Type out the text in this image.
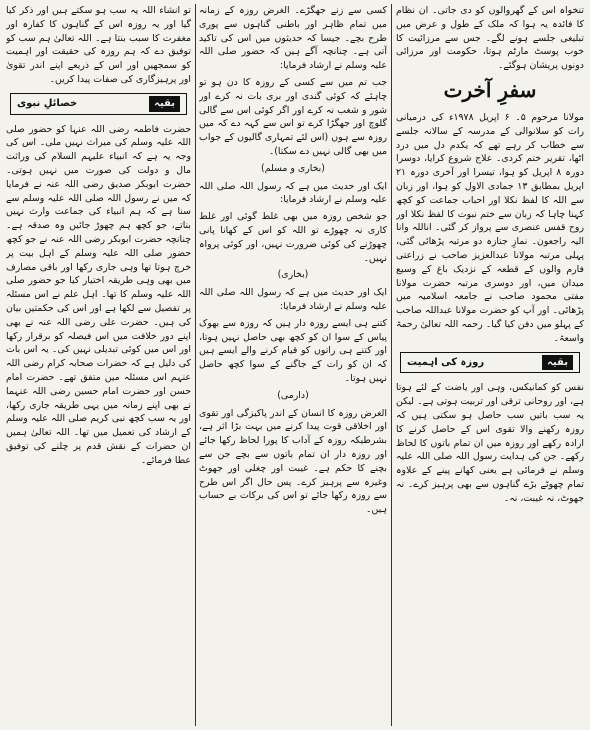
تنخواہ اس کے گھروالوں کو دی جاتی۔ ان نظام کا فائدہ یہ ہوا کہ ملک کے طول و عرض میں تبلیغی جلسے ہونے لگے۔ جس سے مرزائیت کا خوب پوسٹ مارٹم ہوتا، حکومت اور مرزائی دونوں پریشان ہوگئے۔

سفرِ آخرت

مولانا مرحوم ۵۔ ۶ اپریل ۱۹۷۸ء کی درمیانی رات کو سلانوالی کے مدرسہ کے سالانہ جلسے سے خطاب کر رہے تھے کہ یکدم دل میں درد اٹھا، تقریر ختم کردی۔ علاج شروع کرایا، دوسرا دورہ ۸ اپریل کو ہوا، تیسرا اور آخری دورہ ۲۱ اپریل بمطابق ۱۳ جمادی الاول کو ہوا، اور زبان سے اللہ کا لفظ نکلا اور احباب جماعت کو کچھ کہنا چاہا کہ زبان سے ختم نبوت کا لفظ نکلا اور روح قفس عنصری سے پرواز کر گئی۔ اناللہ وانا الیہ راجعون۔ نمازِ جنازہ دو مرتبہ پڑھائی گئی، پہلی مرتبہ مولانا عبدالعزیز صاحب نے زراعتی فارم والوں کے قطعہ کے نزدیک باغ کے وسیع میدان میں، اور دوسری مرتبہ حضرت مولانا مفتی محمود صاحب نے جامعہ اسلامیہ میں پڑھائی۔ اور آپ کو حضرت مولانا عبداللہ صاحب کے پہلو میں دفن کیا گیا۔ رحمہ اللہ تعالیٰ رحمۃ واسعۃ۔

بقیہ
روزہ کی اہمیت

نفس کو کمانیکس، وہی اور یاضت کے لئے ہوتا ہے، اور روحانی ترقی اور تربیت ہوتی ہے۔ لیکن یہ سب باتیں سب حاصل ہو سکتی ہیں کہ روزہ رکھنے والا تقوی اس کے حاصل کرنے کا ارادہ رکھے اور روزہ میں ان تمام باتوں کا لحاظ رکھے۔ جن کی ہدایت رسول اللہ صلی اللہ علیہ وسلم نے فرمائی ہے یعنی کھانے پینے کے علاوہ تمام چھوٹے بڑے گناہوں سے بھی پرہیز کرے۔ نہ جھوٹ، نہ غیبت، نہ۔

کسی سے زنے جھگڑے۔ الغرض روزہ کے زمانہ میں تمام ظاہر اور باطنی گناہوں سے پوری طرح بچے۔ جیسا کہ حدیثوں میں اس کی تاکید آتی ہے۔ چنانچہ آگے ہیں کہ حضور صلی اللہ علیہ وسلم نے ارشاد فرمایا:

جب تم میں سے کسی کے روزہ کا دن ہو تو چاہئے کہ کوئی گندی اور بری بات نہ کرے اور شور و شغب نہ کرے اور اگر کوئی اس سے گالی گلوچ اور جھگڑا کرے تو اس سے کہہ دے کہ میں روزہ سے ہوں (اس لئے تمہاری گالیوں کے جواب میں بھی گالی نہیں دے سکتا)۔

(بخاری و مسلم)

ایک اور حدیث میں ہے کہ رسول اللہ صلی اللہ علیہ وسلم نے ارشاد فرمایا:

جو شخص روزہ میں بھی غلط گوئی اور غلط کاری نہ چھوڑے تو اللہ کو اس کے کھانا پانی چھوڑنے کی کوئی ضرورت نہیں، اور کوئی پرواہ نہیں۔

(بخاری)

ایک اور حدیث میں ہے کہ رسول اللہ صلی اللہ علیہ وسلم نے ارشاد فرمایا:

کتنے ہی ایسے روزہ دار ہیں کہ روزہ سے بھوک پیاس کے سوا ان کو کچھ بھی حاصل نہیں ہوتا، اور کتنے ہی راتوں کو قیام کرنے والے ایسے ہیں کہ ان کو رات کے جاگنے کے سوا کچھ حاصل نہیں ہوتا۔

(دارمی)

الغرض روزہ کا انسان کے اندر پاکیزگی اور تقوی اور اخلاقی قوت پیدا کرنے میں بہت بڑا اثر ہے، بشرطیکہ روزہ کے آداب کا پورا لحاظ رکھا جائے اور روزہ دار ان تمام باتوں سے بچے جن سے بچنے کا حکم ہے۔ غیبت اور چغلی اور جھوٹ وغیرہ سے پرہیز کرے۔ پس حال اگر اس طرح سے روزہ رکھا جائے تو اس کی برکات بے حساب ہیں۔

تو انشاء اللہ یہ سب ہو سکتے ہیں اور ذکر کیا گیا اور یہ روزہ اس کے گناہوں کا کفارہ اور مغفرت کا سبب بنتا ہے۔ اللہ تعالیٰ ہم سب کو توفیق دے کہ ہم روزہ کی حقیقت اور اہمیت کو سمجھیں اور اس کے ذریعے اپنے اندر تقویٰ اور پرہیزگاری کی صفات پیدا کریں۔

بقیہ
خصائلِ نبوی

حضرت فاطمہ رضی اللہ عنہا کو حضور صلی اللہ علیہ وسلم کی میراث نہیں ملی۔ اس کی وجہ یہ ہے کہ انبیاء علیہم السلام کی وراثت مال و دولت کی صورت میں نہیں ہوتی۔ حضرت ابوبکر صدیق رضی اللہ عنہ نے فرمایا کہ میں نے رسول اللہ صلی اللہ علیہ وسلم سے سنا ہے کہ ہم انبیاء کی جماعت وارث نہیں بناتے، جو کچھ ہم چھوڑ جائیں وہ صدقہ ہے۔ چنانچہ حضرت ابوبکر رضی اللہ عنہ نے جو کچھ حضور صلی اللہ علیہ وسلم کے اہل بیت پر خرچ ہوتا تھا وہی جاری رکھا اور باقی مصارف میں بھی وہی طریقہ اختیار کیا جو حضور صلی اللہ علیہ وسلم کا تھا۔ اہل علم نے اس مسئلہ پر تفصیل سے لکھا ہے اور اس کی حکمتیں بیان کی ہیں۔ حضرت علی رضی اللہ عنہ نے بھی اپنے دور خلافت میں اس فیصلہ کو برقرار رکھا اور اس میں کوئی تبدیلی نہیں کی۔ یہ اس بات کی دلیل ہے کہ حضرات صحابہ کرام رضی اللہ عنہم اس مسئلہ میں متفق تھے۔ حضرت امام حسن اور حضرت امام حسین رضی اللہ عنہما نے بھی اپنے زمانہ میں یہی طریقہ جاری رکھا، اور یہ سب کچھ نبی کریم صلی اللہ علیہ وسلم کے ارشاد کی تعمیل میں تھا۔ اللہ تعالیٰ ہمیں ان حضرات کے نقش قدم پر چلنے کی توفیق عطا فرمائے۔
